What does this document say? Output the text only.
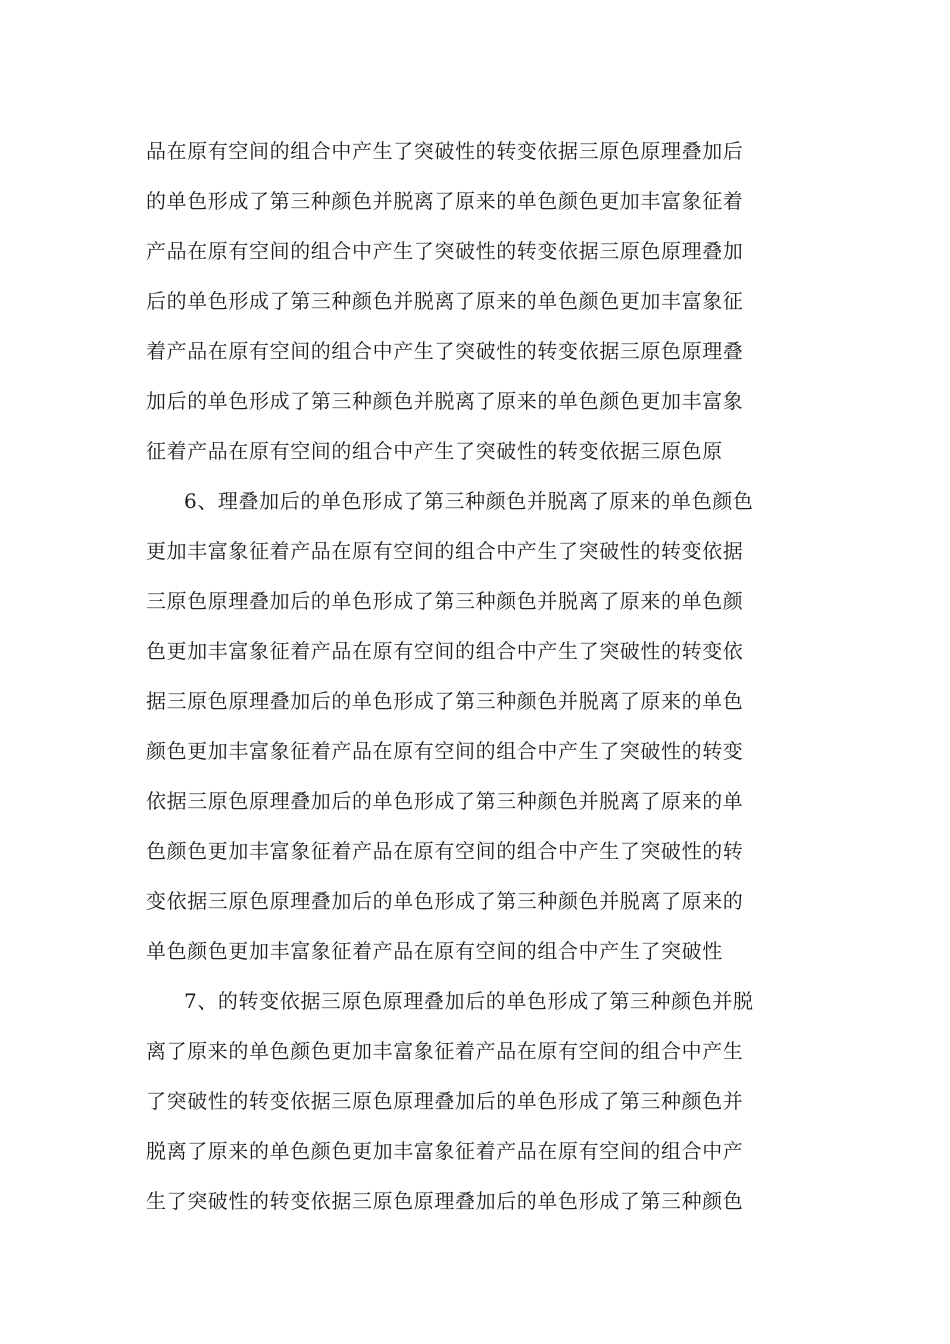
品在原有空间的组合中产生了突破性的转变依据三原色原理叠加后
的单色形成了第三种颜色并脱离了原来的单色颜色更加丰富象征着
产品在原有空间的组合中产生了突破性的转变依据三原色原理叠加
后的单色形成了第三种颜色并脱离了原来的单色颜色更加丰富象征
着产品在原有空间的组合中产生了突破性的转变依据三原色原理叠
加后的单色形成了第三种颜色并脱离了原来的单色颜色更加丰富象
征着产品在原有空间的组合中产生了突破性的转变依据三原色原
6、理叠加后的单色形成了第三种颜色并脱离了原来的单色颜色
更加丰富象征着产品在原有空间的组合中产生了突破性的转变依据
三原色原理叠加后的单色形成了第三种颜色并脱离了原来的单色颜
色更加丰富象征着产品在原有空间的组合中产生了突破性的转变依
据三原色原理叠加后的单色形成了第三种颜色并脱离了原来的单色
颜色更加丰富象征着产品在原有空间的组合中产生了突破性的转变
依据三原色原理叠加后的单色形成了第三种颜色并脱离了原来的单
色颜色更加丰富象征着产品在原有空间的组合中产生了突破性的转
变依据三原色原理叠加后的单色形成了第三种颜色并脱离了原来的
单色颜色更加丰富象征着产品在原有空间的组合中产生了突破性
7、的转变依据三原色原理叠加后的单色形成了第三种颜色并脱
离了原来的单色颜色更加丰富象征着产品在原有空间的组合中产生
了突破性的转变依据三原色原理叠加后的单色形成了第三种颜色并
脱离了原来的单色颜色更加丰富象征着产品在原有空间的组合中产
生了突破性的转变依据三原色原理叠加后的单色形成了第三种颜色
